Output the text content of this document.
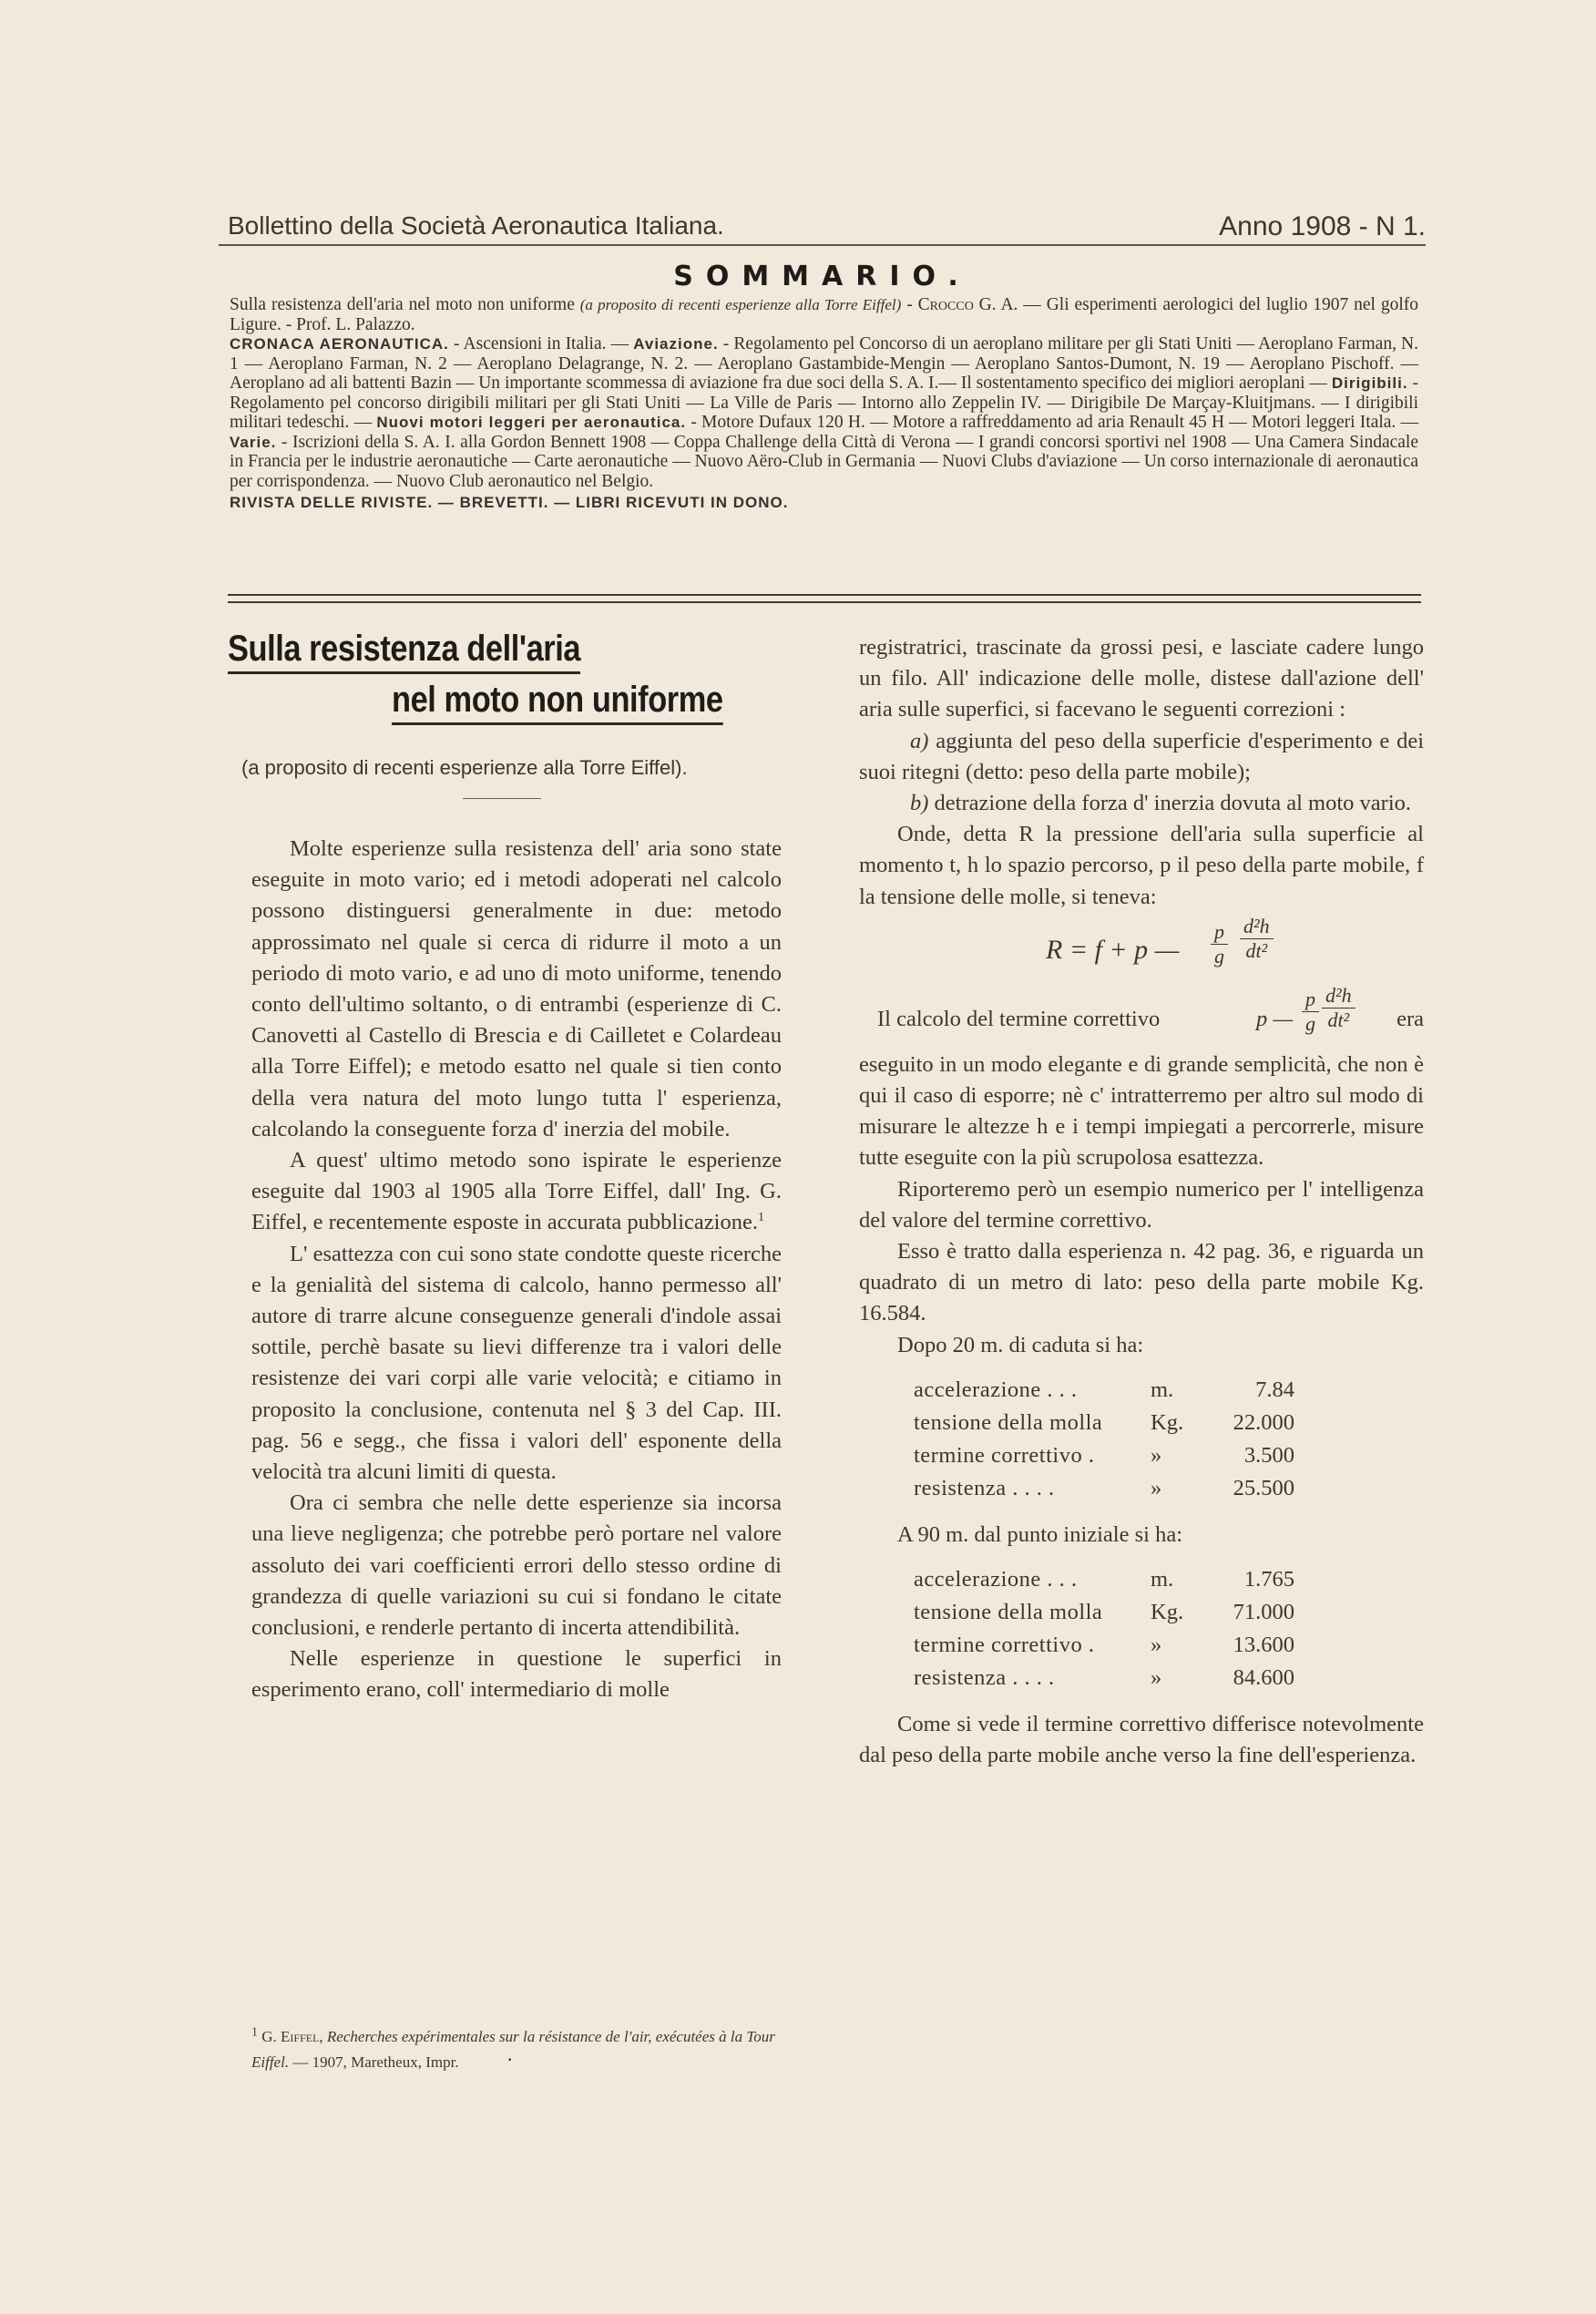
Bollettino della Società Aeronautica Italiana.	Anno 1908 - N 1.
SOMMARIO.

Sulla resistenza dell'aria nel moto non uniforme (a proposito di recenti esperienze alla Torre Eiffel) - Crocco G. A. — Gli esperimenti aerologici del luglio 1907 nel golfo Ligure. - Prof. L. Palazzo.

CRONACA AERONAUTICA. - Ascensioni in Italia. — Aviazione. - Regolamento pel Concorso di un aeroplano militare per gli Stati Uniti — Aeroplano Farman, N. 1 — Aeroplano Farman, N. 2 — Aeroplano Delagrange, N. 2. — Aeroplano Gastambide-Mengin — Aeroplano Santos-Dumont, N. 19 — Aeroplano Pischoff. — Aeroplano ad ali battenti Bazin — Un importante scommessa di aviazione fra due soci della S. A. I.— Il sostentamento specifico dei migliori aeroplani — Dirigibili. - Regolamento pel concorso dirigibili militari per gli Stati Uniti — La Ville de Paris — Intorno allo Zeppelin IV. — Dirigibile De Marçay-Kluitjmans. — I dirigibili militari tedeschi. — Nuovi motori leggeri per aeronautica. - Motore Dufaux 120 H. — Motore a raffreddamento ad aria Renault 45 H — Motori leggeri Itala. — Varie. - Iscrizioni della S. A. I. alla Gordon Bennett 1908 — Coppa Challenge della Città di Verona — I grandi concorsi sportivi nel 1908 — Una Camera Sindacale in Francia per le industrie aeronautiche — Carte aeronautiche — Nuovo Aëro-Club in Germania — Nuovi Clubs d'aviazione — Un corso internazionale di aeronautica per corrispondenza. — Nuovo Club aeronautico nel Belgio.

RIVISTA DELLE RIVISTE. — BREVETTI. — LIBRI RICEVUTI IN DONO.

Sulla resistenza dell'aria
nel moto non uniforme
(a proposito di recenti esperienze alla Torre Eiffel).

Molte esperienze sulla resistenza dell' aria sono state eseguite in moto vario; ed i metodi adoperati nel calcolo possono distinguersi generalmente in due: metodo approssimato nel quale si cerca di ridurre il moto a un periodo di moto vario, e ad uno di moto uniforme, tenendo conto dell'ultimo soltanto, o di entrambi (esperienze di C. Canovetti al Castello di Brescia e di Cailletet e Colardeau alla Torre Eiffel); e metodo esatto nel quale si tien conto della vera natura del moto lungo tutta l' esperienza, calcolando la conseguente forza d' inerzia del mobile.

A quest' ultimo metodo sono ispirate le esperienze eseguite dal 1903 al 1905 alla Torre Eiffel, dall' Ing. G. Eiffel, e recentemente esposte in accurata pubblicazione.$^1$

L' esattezza con cui sono state condotte queste ricerche e la genialità del sistema di calcolo, hanno permesso all' autore di trarre alcune conseguenze generali d'indole assai sottile, perchè basate su lievi differenze tra i valori delle resistenze dei vari corpi alle varie velocità; e citiamo in proposito la conclusione, contenuta nel § 3 del Cap. III. pag. 56 e segg., che fissa i valori dell' esponente della velocità tra alcuni limiti di questa.

Ora ci sembra che nelle dette esperienze sia incorsa una lieve negligenza; che potrebbe però portare nel valore assoluto dei vari coefficienti errori dello stesso ordine di grandezza di quelle variazioni su cui si fondano le citate conclusioni, e renderle pertanto di incerta attendibilità.

Nelle esperienze in questione le superfici in esperimento erano, coll' intermediario di molle

·
$^1$ G. Eiffel, Recherches expérimentales sur la résistance de l'air, exécutées à la Tour Eiffel. — 1907, Maretheux, Impr.

registratrici, trascinate da grossi pesi, e lasciate cadere lungo un filo. All' indicazione delle molle, distese dall'azione dell' aria sulle superfici, si facevano le seguenti correzioni :

a) aggiunta del peso della superficie d'esperimento e dei suoi ritegni (detto: peso della parte mobile);

b) detrazione della forza d' inerzia dovuta al moto vario.

Onde, detta R la pressione dell'aria sulla superficie al momento t, h lo spazio percorso, p il peso della parte mobile, f la tensione delle molle, si teneva:

R = f + p — $\frac{p}{g} \frac{\text{d²h}}{\text{dt²}}$
Il calcolo del termine correttivo	p — $\frac{p}{g} \frac{\text{d²h}}{\text{dt²}}$ era

eseguito in un modo elegante e di grande semplicità, che non è qui il caso di esporre; nè c' intratterremo per altro sul modo di misurare le altezze h e i tempi impiegati a percorrerle, misure tutte eseguite con la più scrupolosa esattezza.

Riporteremo però un esempio numerico per l' intelligenza del valore del termine correttivo.

Esso è tratto dalla esperienza n. 42 pag. 36, e riguarda un quadrato di un metro di lato: peso della parte mobile Kg. 16.584.

Dopo 20 m. di caduta si ha:

accelerazione . . .	m.	7.84
tensione della molla	Kg.	22.000
termine correttivo .	»	3.500
resistenza . . . .	»	25.500

A 90 m. dal punto iniziale si ha:

accelerazione . . .	m.	1.765
tensione della molla	Kg.	71.000
termine correttivo .	»	13.600
resistenza . . . .	»	84.600

Come si vede il termine correttivo differisce notevolmente dal peso della parte mobile anche verso la fine dell'esperienza.
